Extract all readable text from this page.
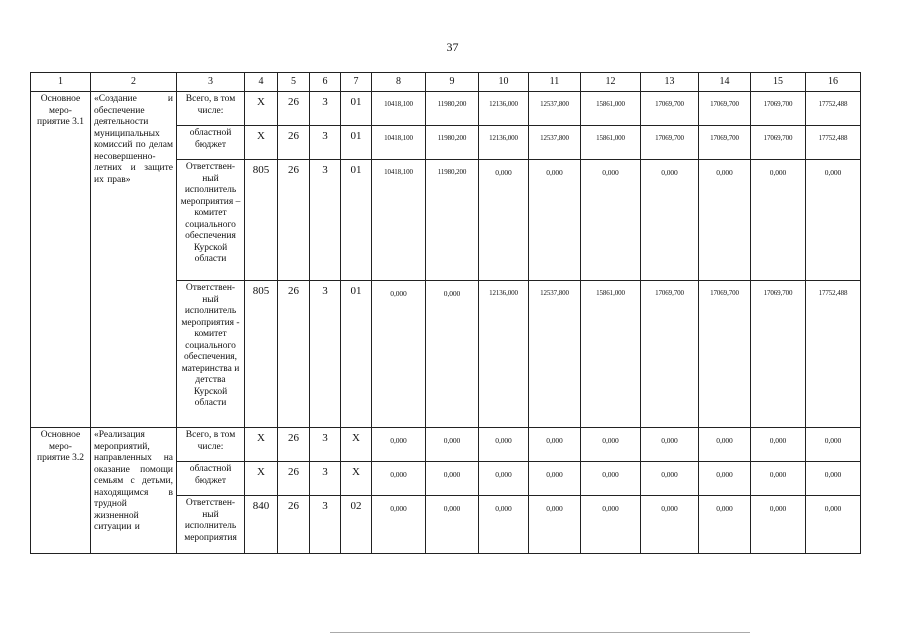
37
1	2	3	4	5	6	7	8	9	10	11	12	13	14	15	16
Основное меро-приятие 3.1	«Создание и обеспечение деятельности муниципальных комиссий по делам несовершенно-летних и защите их прав»	Всего, в том числе:	Х	26	3	01	10418,100	11980,200	12136,000	12537,800	15861,000	17069,700	17069,700	17069,700	17752,488
		областной бюджет	Х	26	3	01	10418,100	11980,200	12136,000	12537,800	15861,000	17069,700	17069,700	17069,700	17752,488
		Ответствен-ный исполнитель мероприятия – комитет социального обеспечения Курской области	805	26	3	01	10418,100	11980,200	0,000	0,000	0,000	0,000	0,000	0,000	0,000
		Ответствен-ный исполнитель мероприятия - комитет социального обеспечения, материнства и детства Курской области	805	26	3	01	0,000	0,000	12136,000	12537,800	15861,000	17069,700	17069,700	17069,700	17752,488
Основное меро-приятие 3.2	«Реализация мероприятий, направленных на оказание помощи семьям с детьми, находящимся в трудной жизненной ситуации и	Всего, в том числе:	Х	26	3	Х	0,000	0,000	0,000	0,000	0,000	0,000	0,000	0,000	0,000
		областной бюджет	Х	26	3	Х	0,000	0,000	0,000	0,000	0,000	0,000	0,000	0,000	0,000
		Ответствен-ный исполнитель мероприятия	840	26	3	02	0,000	0,000	0,000	0,000	0,000	0,000	0,000	0,000	0,000
